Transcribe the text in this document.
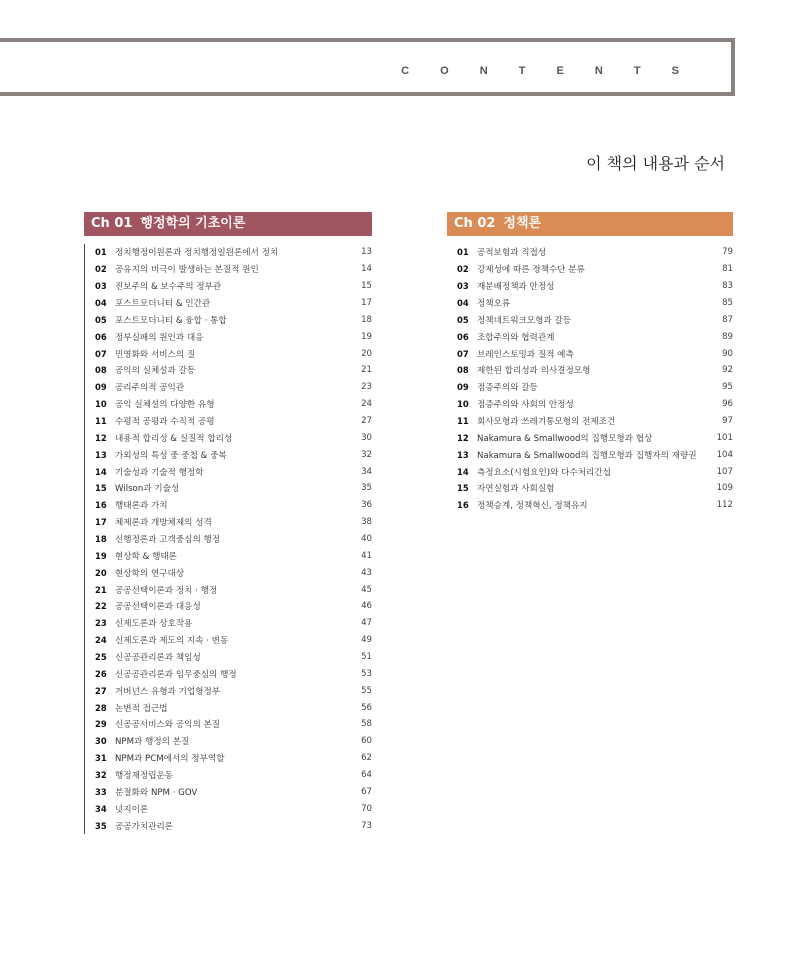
C O N T E N T S
이 책의 내용과 순서
Ch 01 행정학의 기초이론
01 정치행정이원론과 정치행정일원론에서 정치	13
02 공유지의 비극이 발생하는 본질적 원인	14
03 진보주의 & 보수주의 정부관	15
04 포스트모더니티 & 인간관	17
05 포스트모더니티 & 융합 · 통합	18
06 정부실패의 원인과 대응	19
07 민영화와 서비스의 질	20
08 공익의 실체설과 갈등	21
09 공리주의적 공익관	23
10 공익 실체설의 다양한 유형	24
11 수평적 공평과 수직적 공평	27
12 내용적 합리성 & 실질적 합리성	30
13 가외성의 특성 중 중첩 & 중복	32
14 기술성과 기술적 행정학	34
15 Wilson과 기술성	35
16 행태론과 가치	36
17 체제론과 개방체제의 성격	38
18 신행정론과 고객중심의 행정	40
19 현상학 & 행태론	41
20 현상학의 연구대상	43
21 공공선택이론과 정치 · 행정	45
22 공공선택이론과 대응성	46
23 신제도론과 상호작용	47
24 신제도론과 제도의 지속 · 변동	49
25 신공공관리론과 책임성	51
26 신공공관리론과 임무중심의 행정	53
27 거버넌스 유형과 기업형정부	55
28 논변적 접근법	56
29 신공공서비스와 공익의 본질	58
30 NPM과 행정의 본질	60
31 NPM과 PCM에서의 정부역할	62
32 행정재정립운동	64
33 분절화와 NPM · GOV	67
34 넛지이론	70
35 공공가치관리론	73
Ch 02 정책론
01 공적보험과 직접성	79
02 강제성에 따른 정책수단 분류	81
03 재분배정책과 안정성	83
04 정책오류	85
05 정책네트워크모형과 갈등	87
06 조합주의와 협력관계	89
07 브레인스토밍과 질적 예측	90
08 제한된 합리성과 의사결정모형	92
09 점증주의와 갈등	95
10 점증주의와 사회의 안정성	96
11 회사모형과 쓰레기통모형의 전제조건	97
12 Nakamura & Smallwood의 집행모형과 협상	101
13 Nakamura & Smallwood의 집행모형과 집행자의 재량권	104
14 측정요소(시험요인)와 다수처리간섭	107
15 자연실험과 사회실험	109
16 정책승계, 정책혁신, 정책유지	112
